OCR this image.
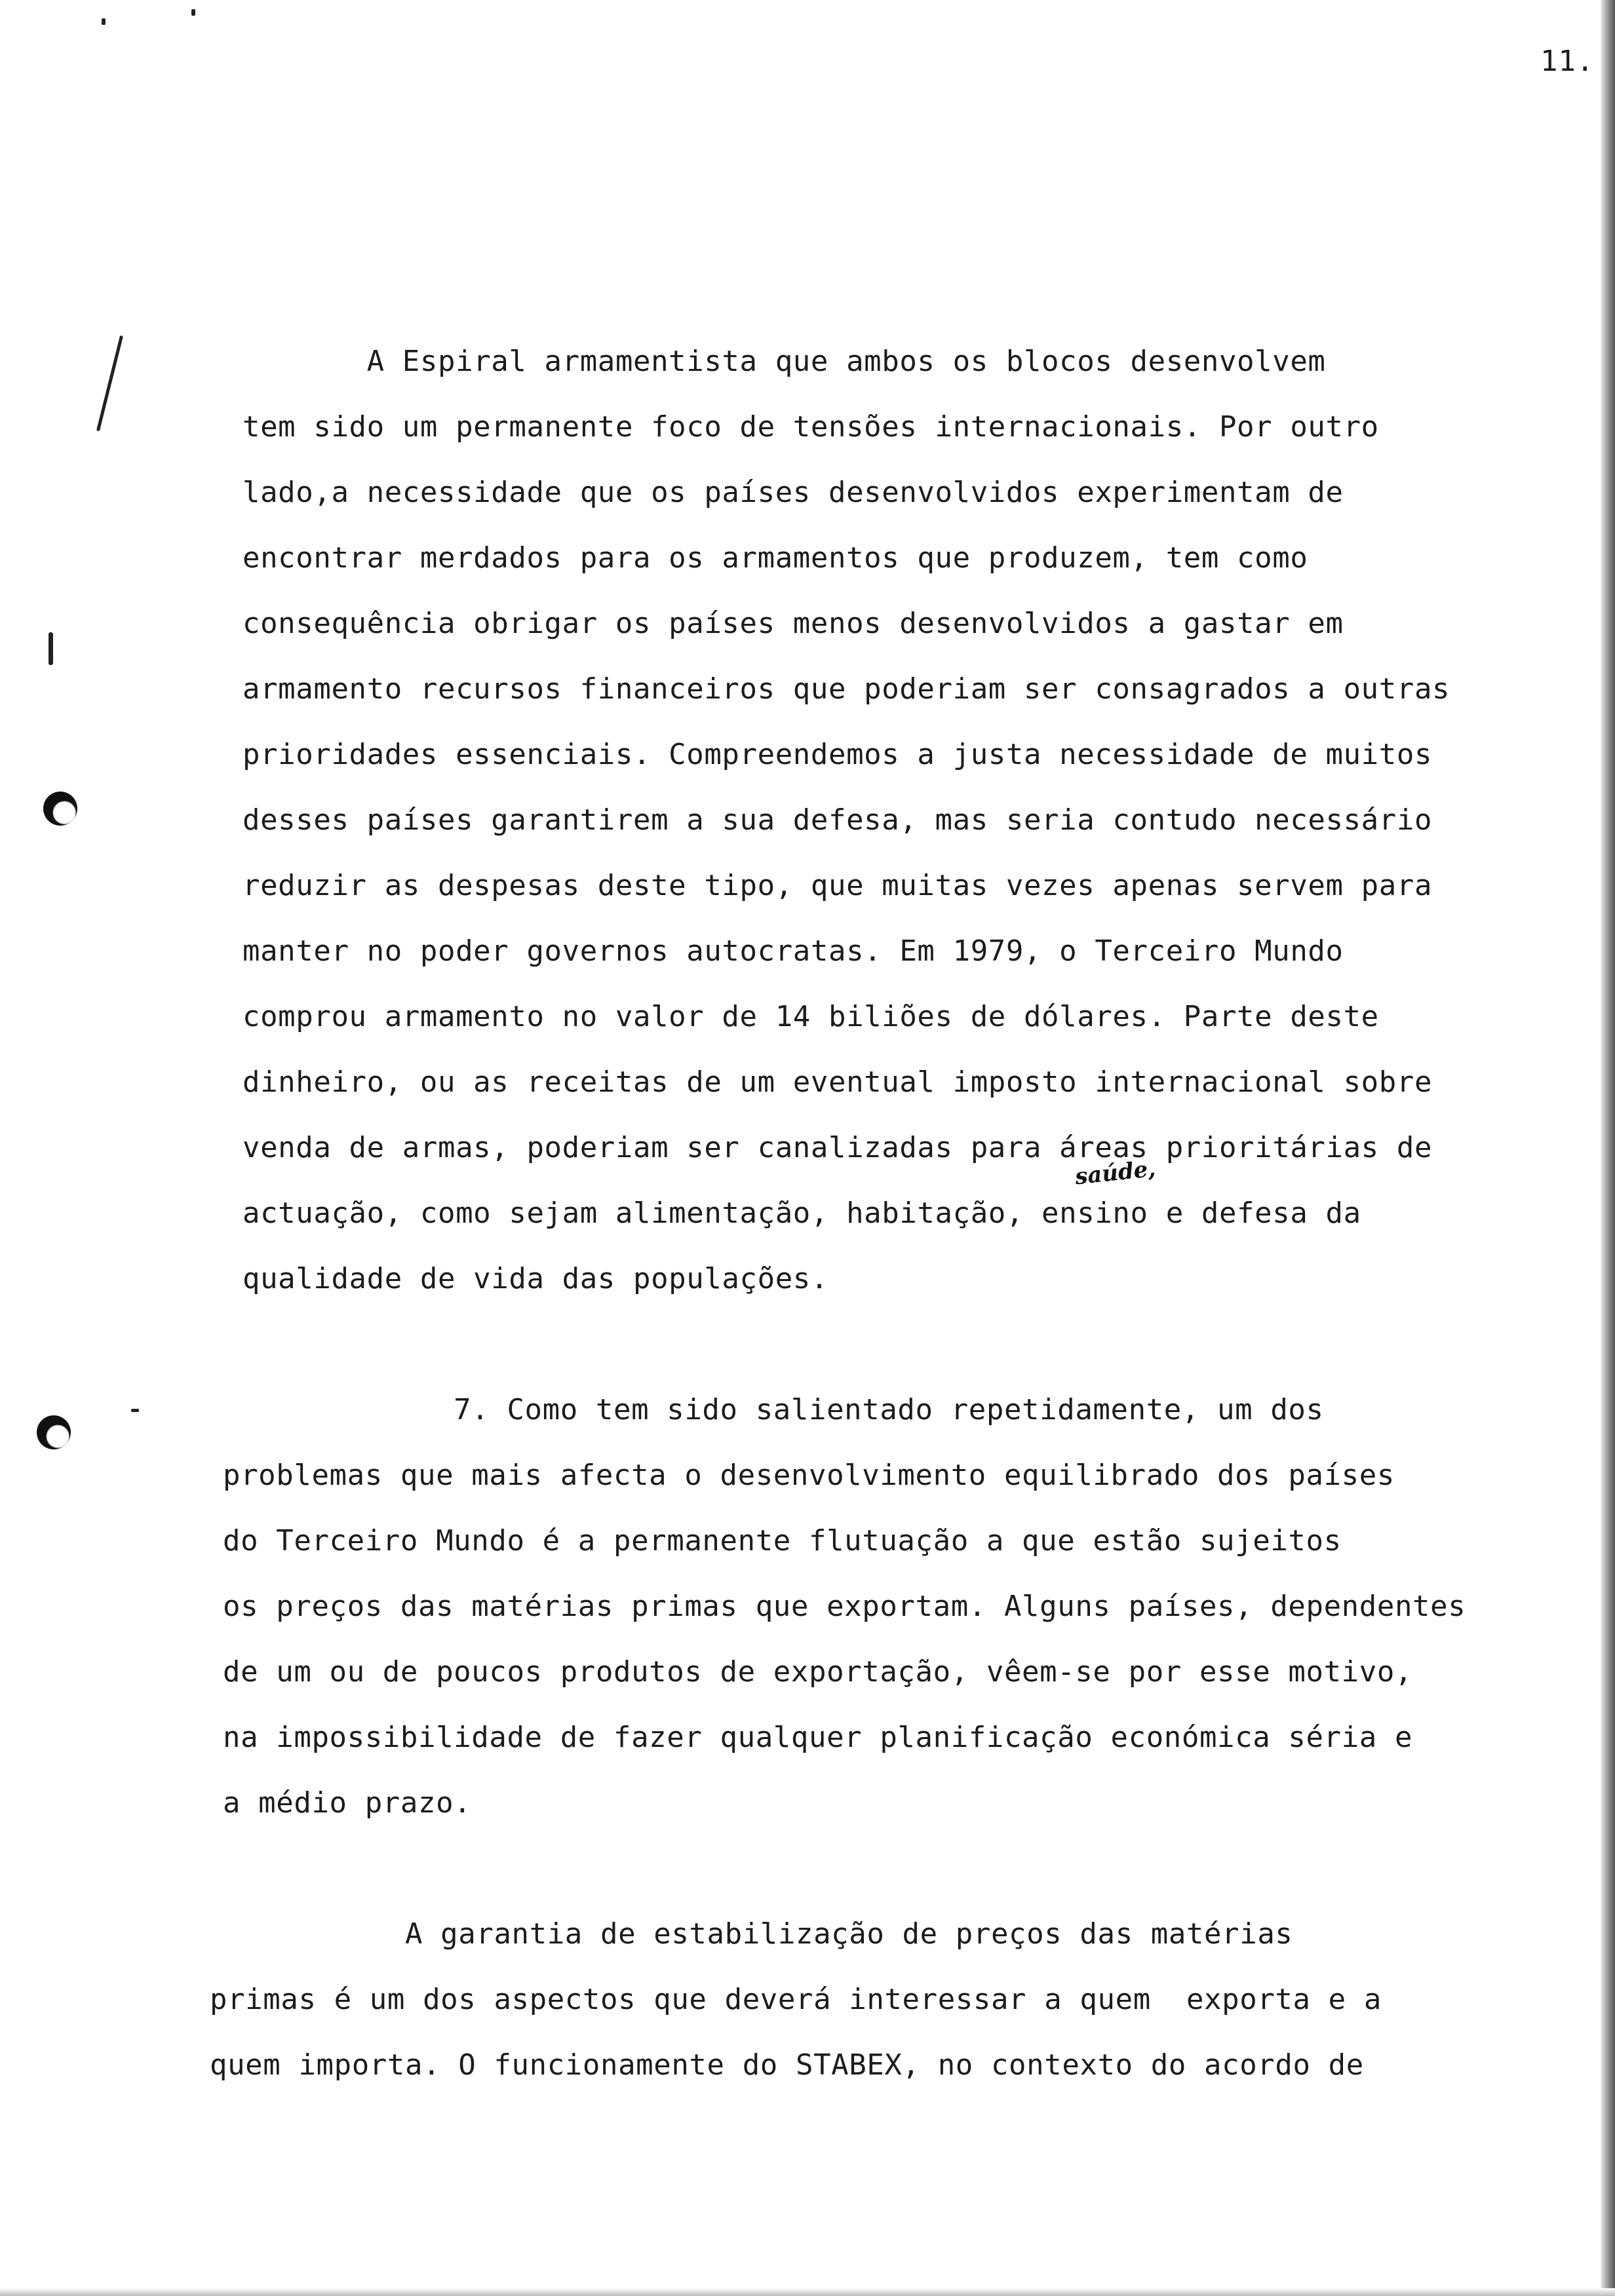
11.
A Espiral armamentista que ambos os blocos desenvolvem
tem sido um permanente foco de tensões internacionais. Por outro
lado,a necessidade que os países desenvolvidos experimentam de
encontrar merdados para os armamentos que produzem, tem como
consequência obrigar os países menos desenvolvidos a gastar em
armamento recursos financeiros que poderiam ser consagrados a outras
prioridades essenciais. Compreendemos a justa necessidade de muitos
desses países garantirem a sua defesa, mas seria contudo necessário
reduzir as despesas deste tipo, que muitas vezes apenas servem para
manter no poder governos autocratas. Em 1979, o Terceiro Mundo
comprou armamento no valor de 14 biliões de dólares. Parte deste
dinheiro, ou as receitas de um eventual imposto internacional sobre
venda de armas, poderiam ser canalizadas para áreas prioritárias de
actuação, como sejam alimentação, habitação, ensino e defesa da
qualidade de vida das populações.
7. Como tem sido salientado repetidamente, um dos
problemas que mais afecta o desenvolvimento equilibrado dos países
do Terceiro Mundo é a permanente flutuação a que estão sujeitos
os preços das matérias primas que exportam. Alguns países, dependentes
de um ou de poucos produtos de exportação, vêem-se por esse motivo,
na impossibilidade de fazer qualquer planificação económica séria e
a médio prazo.
A garantia de estabilização de preços das matérias
primas é um dos aspectos que deverá interessar a quem  exporta e a
quem importa. O funcionamente do STABEX, no contexto do acordo de
saúde,
